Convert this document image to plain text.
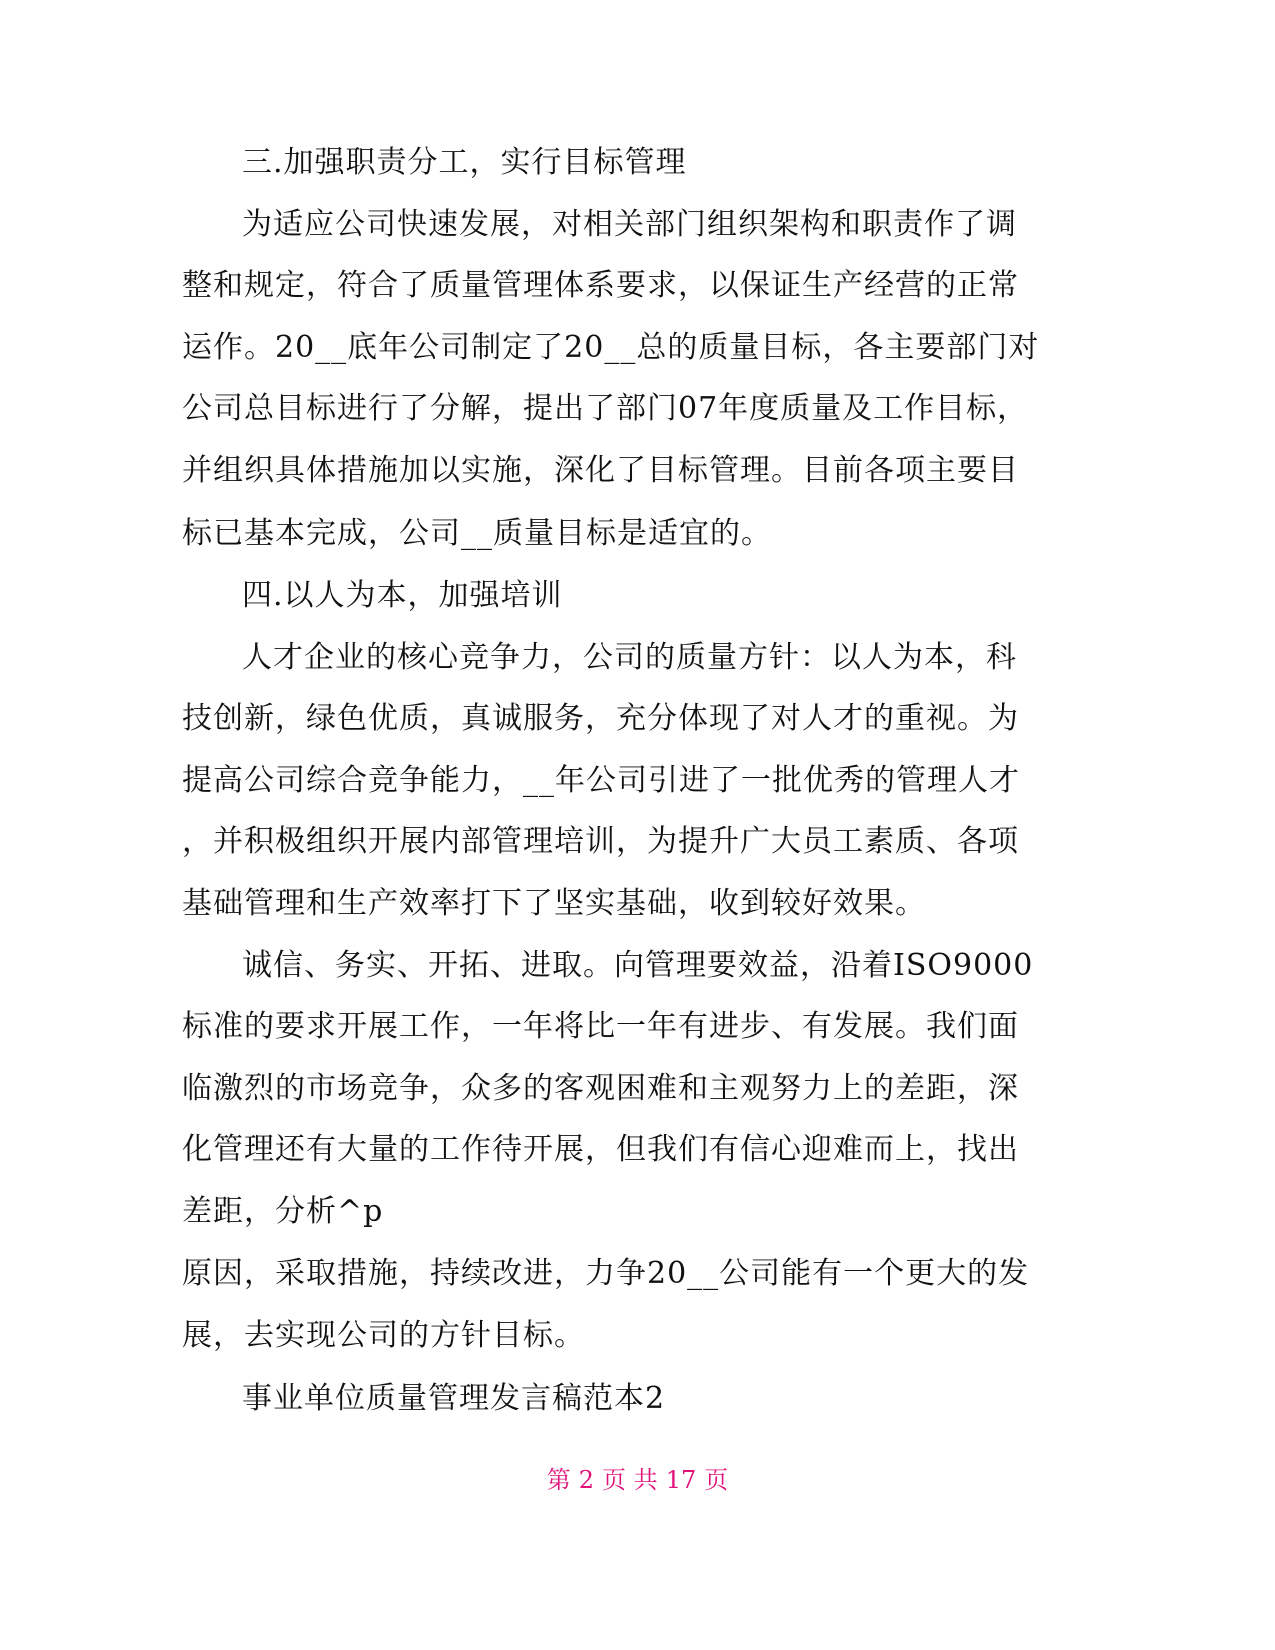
三.加强职责分工，实行目标管理
为适应公司快速发展，对相关部门组织架构和职责作了调
整和规定，符合了质量管理体系要求，以保证生产经营的正常
运作。20__底年公司制定了20__总的质量目标，各主要部门对
公司总目标进行了分解，提出了部门07年度质量及工作目标，
并组织具体措施加以实施，深化了目标管理。目前各项主要目
标已基本完成，公司__质量目标是适宜的。
四.以人为本，加强培训
人才企业的核心竞争力，公司的质量方针：以人为本，科
技创新，绿色优质，真诚服务，充分体现了对人才的重视。为
提高公司综合竞争能力，__年公司引进了一批优秀的管理人才
，并积极组织开展内部管理培训，为提升广大员工素质、各项
基础管理和生产效率打下了坚实基础，收到较好效果。
诚信、务实、开拓、进取。向管理要效益，沿着ISO9000
标准的要求开展工作，一年将比一年有进步、有发展。我们面
临激烈的市场竞争，众多的客观困难和主观努力上的差距，深
化管理还有大量的工作待开展，但我们有信心迎难而上，找出
差距，分析^p
原因，采取措施，持续改进，力争20__公司能有一个更大的发
展，去实现公司的方针目标。
事业单位质量管理发言稿范本2
第 2 页 共 17 页
